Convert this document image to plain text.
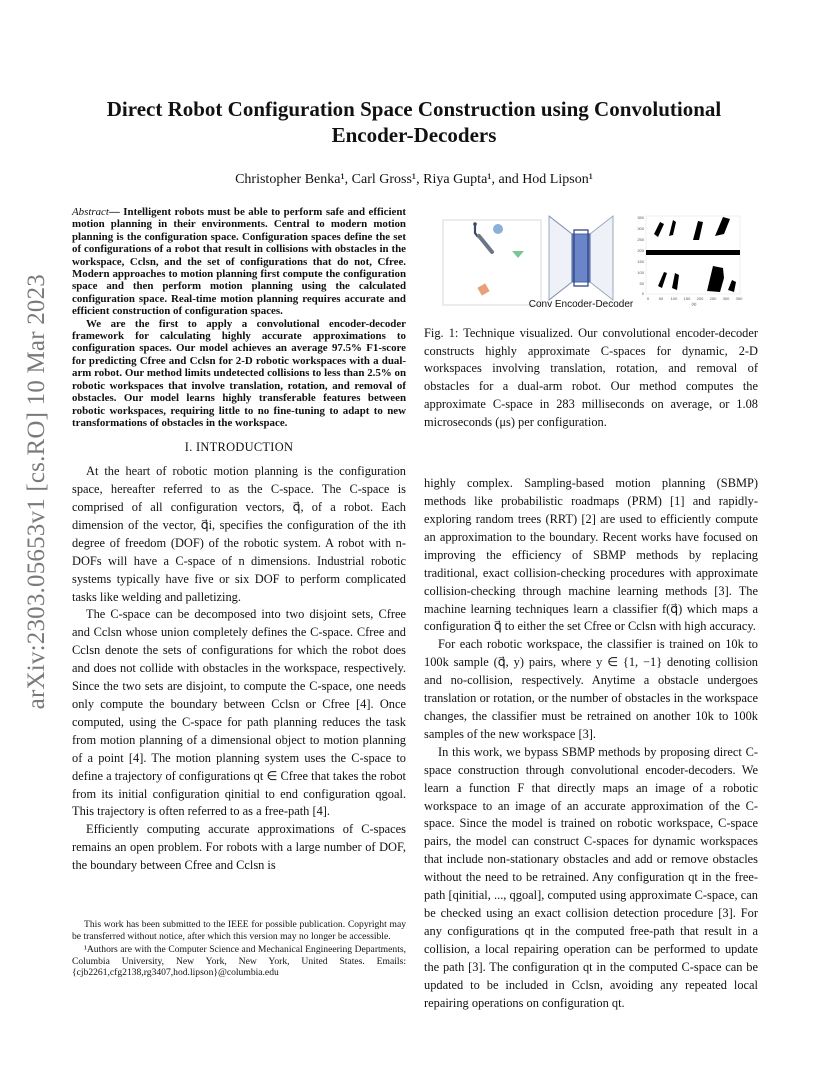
arXiv:2303.05653v1 [cs.RO] 10 Mar 2023
Direct Robot Configuration Space Construction using Convolutional Encoder-Decoders
Christopher Benka¹, Carl Gross¹, Riya Gupta¹, and Hod Lipson¹

Abstract— Intelligent robots must be able to perform safe and efficient motion planning in their environments. Central to modern motion planning is the configuration space. Configuration spaces define the set of configurations of a robot that result in collisions with obstacles in the workspace, Cclsn, and the set of configurations that do not, Cfree. Modern approaches to motion planning first compute the configuration space and then perform motion planning using the calculated configuration space. Real-time motion planning requires accurate and efficient construction of configuration spaces.

We are the first to apply a convolutional encoder-decoder framework for calculating highly accurate approximations to configuration spaces. Our model achieves an average 97.5% F1-score for predicting Cfree and Cclsn for 2-D robotic workspaces with a dual-arm robot. Our method limits undetected collisions to less than 2.5% on robotic workspaces that involve translation, rotation, and removal of obstacles. Our model learns highly transferable features between robotic workspaces, requiring little to no fine-tuning to adapt to new transformations of obstacles in the workspace.

I. INTRODUCTION

At the heart of robotic motion planning is the configuration space, hereafter referred to as the C-space. The C-space is comprised of all configuration vectors, q⃗, of a robot. Each dimension of the vector, q⃗i, specifies the configuration of the ith degree of freedom (DOF) of the robotic system. A robot with n-DOFs will have a C-space of n dimensions. Industrial robotic systems typically have five or six DOF to perform complicated tasks like welding and palletizing.

The C-space can be decomposed into two disjoint sets, Cfree and Cclsn whose union completely defines the C-space. Cfree and Cclsn denote the sets of configurations for which the robot does and does not collide with obstacles in the workspace, respectively. Since the two sets are disjoint, to compute the C-space, one needs only compute the boundary between Cclsn or Cfree [4]. Once computed, using the C-space for path planning reduces the task from motion planning of a dimensional object to motion planning of a point [4]. The motion planning system uses the C-space to define a trajectory of configurations qt ∈ Cfree that takes the robot from its initial configuration qinitial to end configuration qgoal. This trajectory is often referred to as a free-path [4].

Efficiently computing accurate approximations of C-spaces remains an open problem. For robots with a large number of DOF, the boundary between Cfree and Cclsn is

This work has been submitted to the IEEE for possible publication. Copyright may be transferred without notice, after which this version may no longer be accessible.

¹Authors are with the Computer Science and Mechanical Engineering Departments, Columbia University, New York, New York, United States. Emails: {cjb2261,cfg2138,rg3407,hod.lipson}@columbia.edu

Conv Encoder-Decoder
350
300
250
200
150
100
50
0
0 50 100 150 200 250 300 350
(q)

Fig. 1: Technique visualized. Our convolutional encoder-decoder constructs highly approximate C-spaces for dynamic, 2-D workspaces involving translation, rotation, and removal of obstacles for a dual-arm robot. Our method computes the approximate C-space in 283 milliseconds on average, or 1.08 microseconds (μs) per configuration.

highly complex. Sampling-based motion planning (SBMP) methods like probabilistic roadmaps (PRM) [1] and rapidly-exploring random trees (RRT) [2] are used to efficiently compute an approximation to the boundary. Recent works have focused on improving the efficiency of SBMP methods by replacing traditional, exact collision-checking procedures with approximate collision-checking through machine learning methods [3]. The machine learning techniques learn a classifier f(q⃗) which maps a configuration q⃗ to either the set Cfree or Cclsn with high accuracy.

For each robotic workspace, the classifier is trained on 10k to 100k sample (q⃗, y) pairs, where y ∈ {1, −1} denoting collision and no-collision, respectively. Anytime a obstacle undergoes translation or rotation, or the number of obstacles in the workspace changes, the classifier must be retrained on another 10k to 100k samples of the new workspace [3].

In this work, we bypass SBMP methods by proposing direct C-space construction through convolutional encoder-decoders. We learn a function F that directly maps an image of a robotic workspace to an image of an accurate approximation of the C-space. Since the model is trained on robotic workspace, C-space pairs, the model can construct C-spaces for dynamic workspaces that include non-stationary obstacles and add or remove obstacles without the need to be retrained. Any configuration qt in the free-path [qinitial, ..., qgoal], computed using approximate C-space, can be checked using an exact collision detection procedure [3]. For any configurations qt in the computed free-path that result in a collision, a local repairing operation can be performed to update the path [3]. The configuration qt in the computed C-space can be updated to be included in Cclsn, avoiding any repeated local repairing operations on configuration qt.
